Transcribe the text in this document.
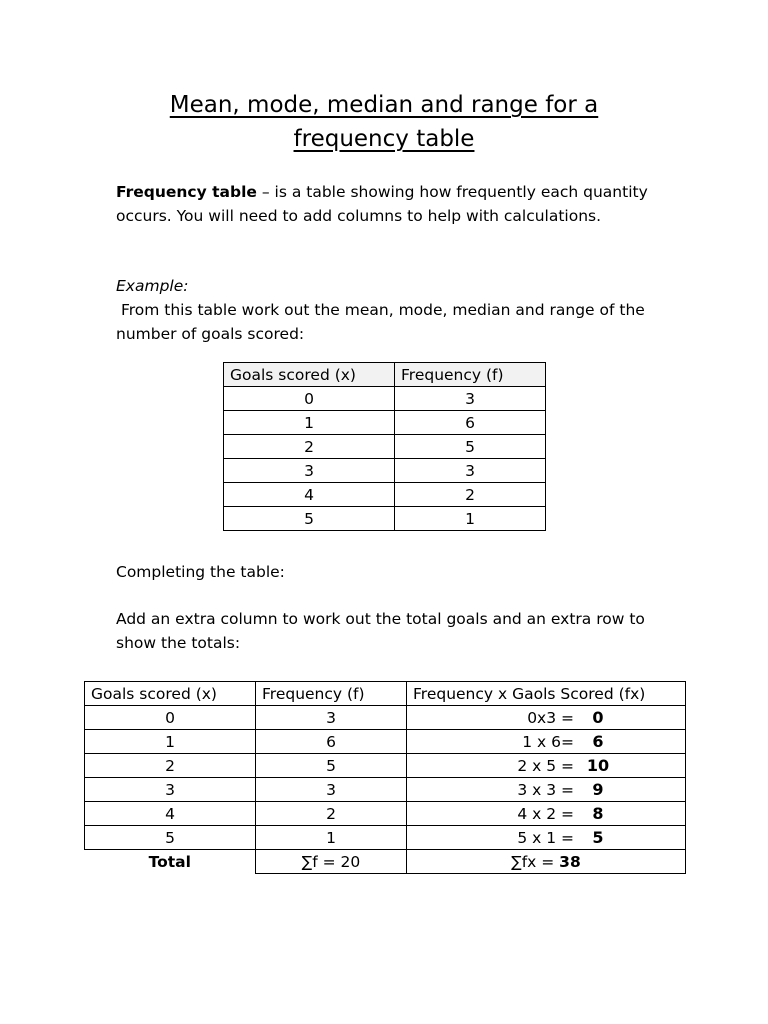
Mean, mode, median and range for a
frequency table
Frequency table – is a table showing how frequently each quantity occurs. You will need to add columns to help with calculations.
Example:
From this table work out the mean, mode, median and range of the number of goals scored:
Goals scored (x)	Frequency (f)
0	3
1	6
2	5
3	3
4	2
5	1
Completing the table:
Add an extra column to work out the total goals and an extra row to show the totals:
Goals scored (x)	Frequency (f)	Frequency x Gaols Scored (fx)
0	3	0x3 = 0
1	6	1 x 6= 6
2	5	2 x 5 = 10
3	3	3 x 3 = 9
4	2	4 x 2 = 8
5	1	5 x 1 = 5
Total	∑f = 20	∑fx = 38
